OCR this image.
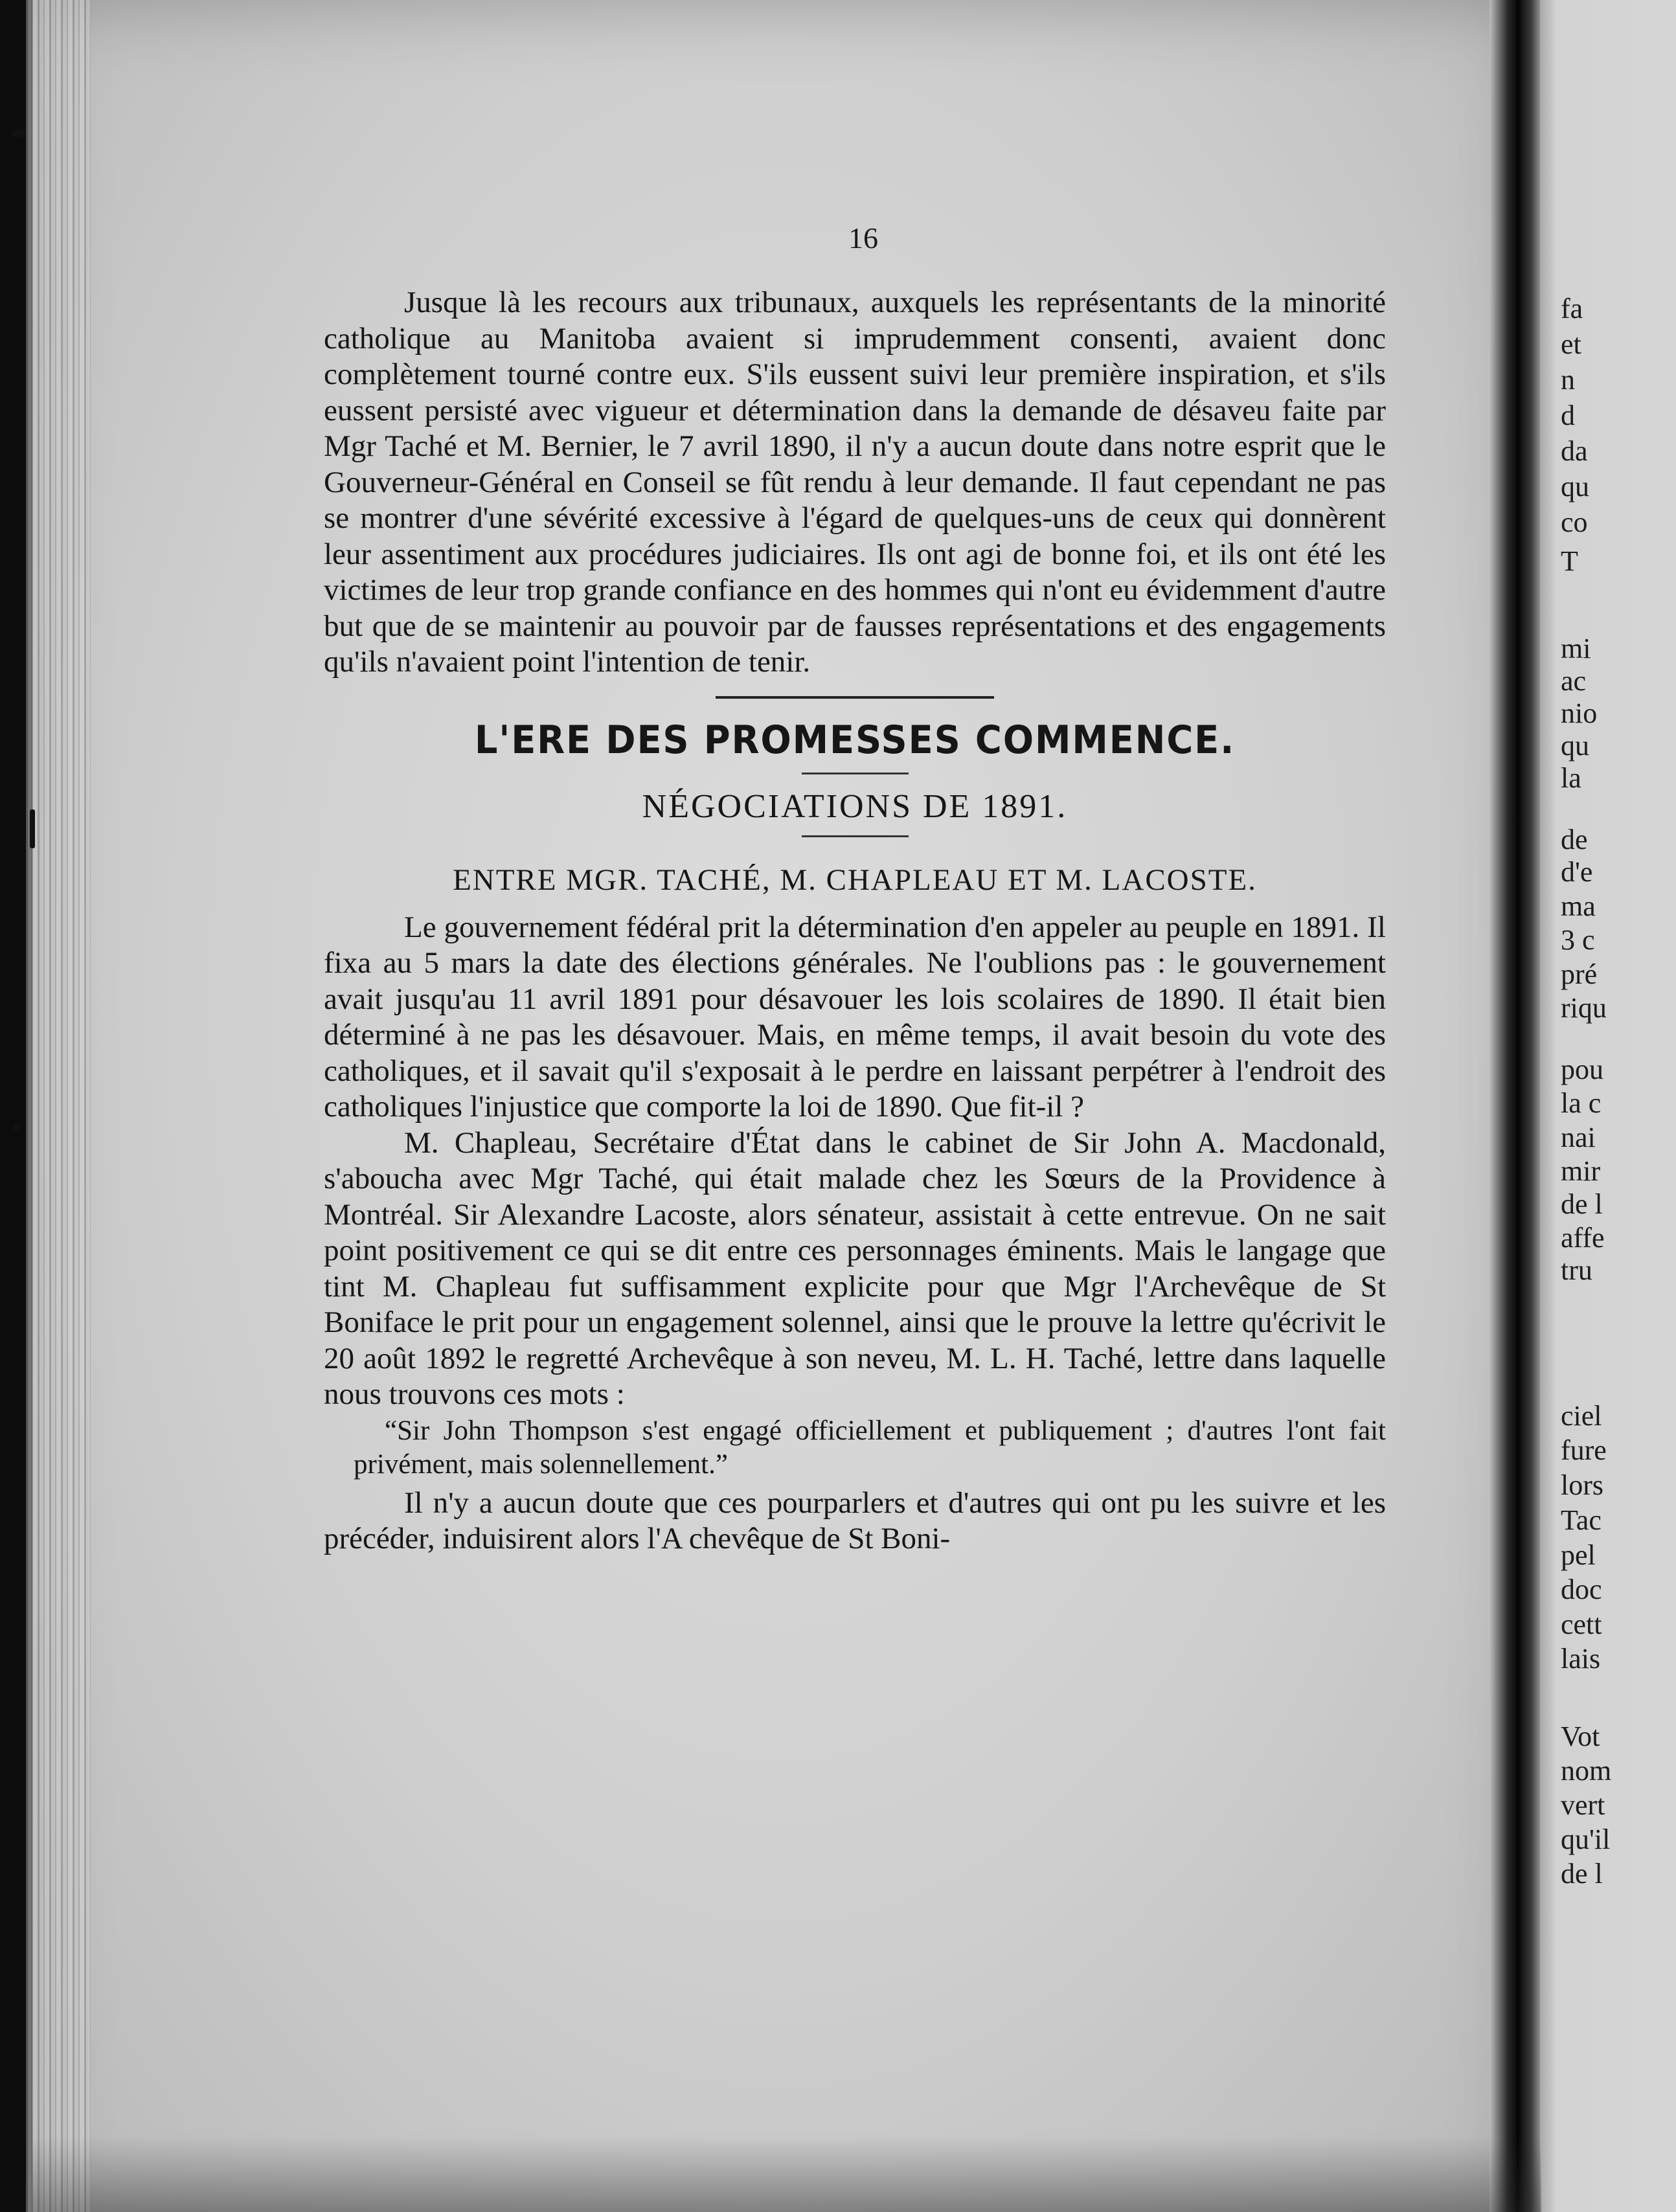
16

Jusque là les recours aux tribunaux, auxquels les représentants de la minorité catholique au Manitoba avaient si imprudemment consenti, avaient donc complètement tourné contre eux. S'ils eussent suivi leur première inspiration, et s'ils eussent persisté avec vigueur et détermination dans la demande de désaveu faite par Mgr Taché et M. Bernier, le 7 avril 1890, il n'y a aucun doute dans notre esprit que le Gouverneur-Général en Conseil se fût rendu à leur demande. Il faut cependant ne pas se montrer d'une sévérité excessive à l'égard de quelques-uns de ceux qui donnèrent leur assentiment aux procédures judiciaires. Ils ont agi de bonne foi, et ils ont été les victimes de leur trop grande confiance en des hommes qui n'ont eu évidemment d'autre but que de se maintenir au pouvoir par de fausses représentations et des engagements qu'ils n'avaient point l'intention de tenir.

L'ERE DES PROMESSES COMMENCE.
NÉGOCIATIONS DE 1891.
ENTRE MGR. TACHÉ, M. CHAPLEAU ET M. LACOSTE.

Le gouvernement fédéral prit la détermination d'en appeler au peuple en 1891. Il fixa au 5 mars la date des élections générales. Ne l'oublions pas : le gouvernement avait jusqu'au 11 avril 1891 pour désavouer les lois scolaires de 1890. Il était bien déterminé à ne pas les désavouer. Mais, en même temps, il avait besoin du vote des catholiques, et il savait qu'il s'exposait à le perdre en laissant perpétrer à l'endroit des catholiques l'injustice que comporte la loi de 1890. Que fit-il ?

M. Chapleau, Secrétaire d'État dans le cabinet de Sir John A. Macdonald, s'aboucha avec Mgr Taché, qui était malade chez les Sœurs de la Providence à Montréal. Sir Alexandre Lacoste, alors sénateur, assistait à cette entrevue. On ne sait point positivement ce qui se dit entre ces personnages éminents. Mais le langage que tint M. Chapleau fut suffisamment explicite pour que Mgr l'Archevêque de St Boniface le prit pour un engagement solennel, ainsi que le prouve la lettre qu'écrivit le 20 août 1892 le regretté Archevêque à son neveu, M. L. H. Taché, lettre dans laquelle nous trouvons ces mots :

“Sir John Thompson s'est engagé officiellement et publiquement ; d'autres l'ont fait privément, mais solennellement.”

Il n'y a aucun doute que ces pourparlers et d'autres qui ont pu les suivre et les précéder, induisirent alors l'A chevêque de St Boni-

fa
et
n
d
da
qu
co
T
mi
ac
nio
qu
la
de
d'e
ma
3 c
pré
riqu
pou
la c
nai
mir
de l
affe
tru
ciel
fure
lors
Tac
pel
doc
cett
lais
Vot
nom
vert
qu'il
de l
